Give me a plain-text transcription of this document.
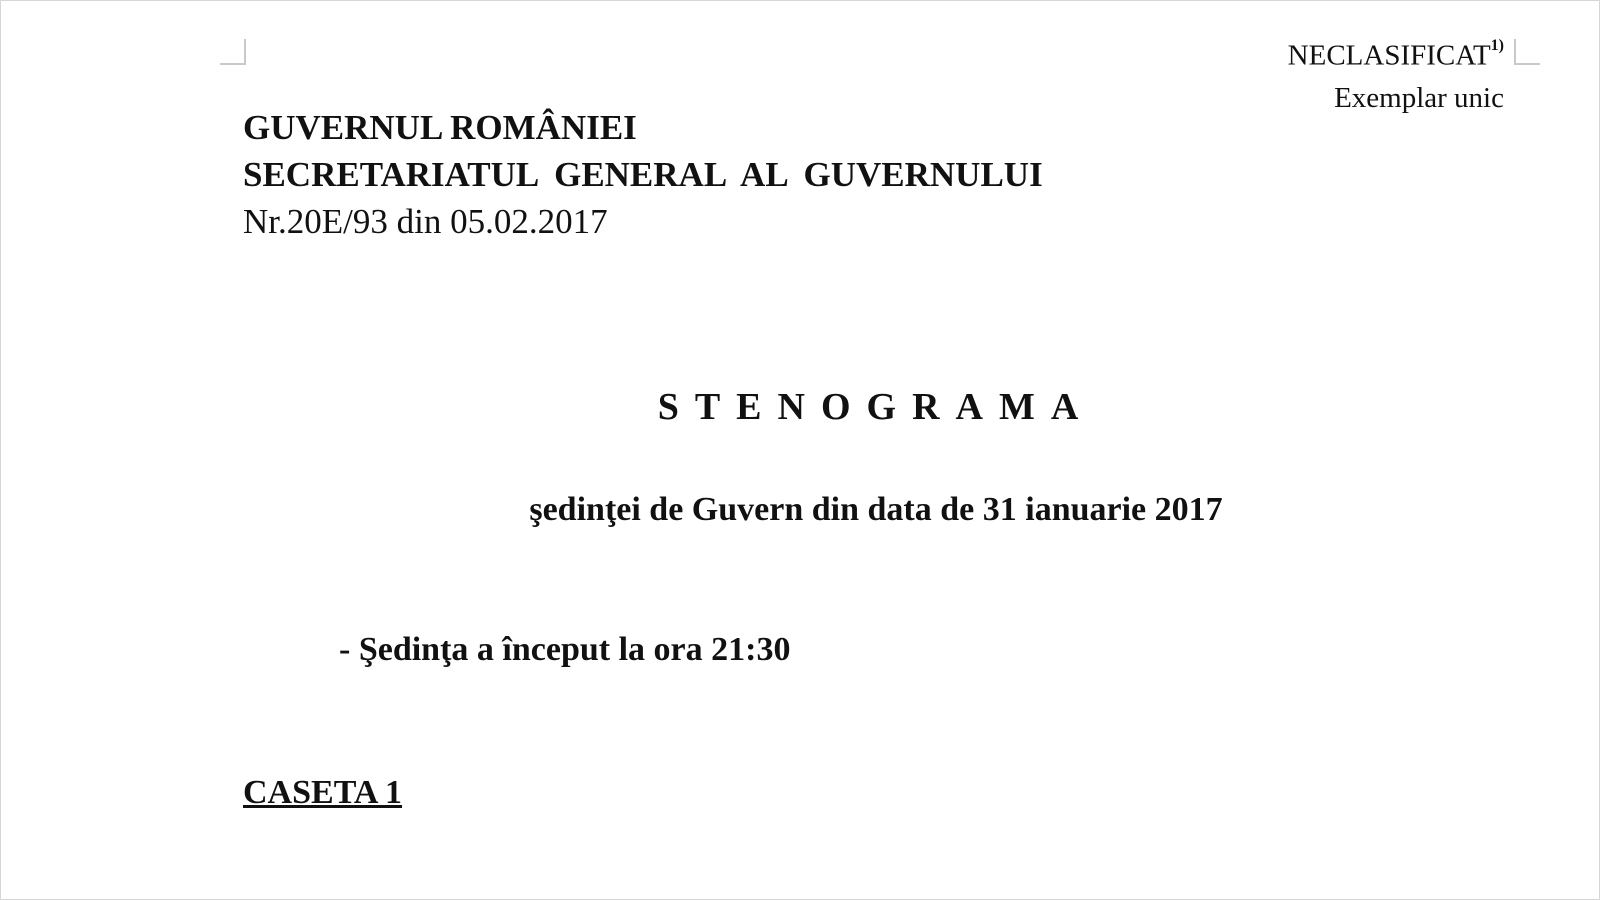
NECLASIFICAT$^{1)}$
Exemplar unic
GUVERNUL ROMÂNIEI
SECRETARIATUL GENERAL AL GUVERNULUI
Nr.20E/93 din 05.02.2017
STENOGRAMA
şedinţei de Guvern din data de 31 ianuarie 2017
- Şedinţa a început la ora 21:30
CASETA 1
